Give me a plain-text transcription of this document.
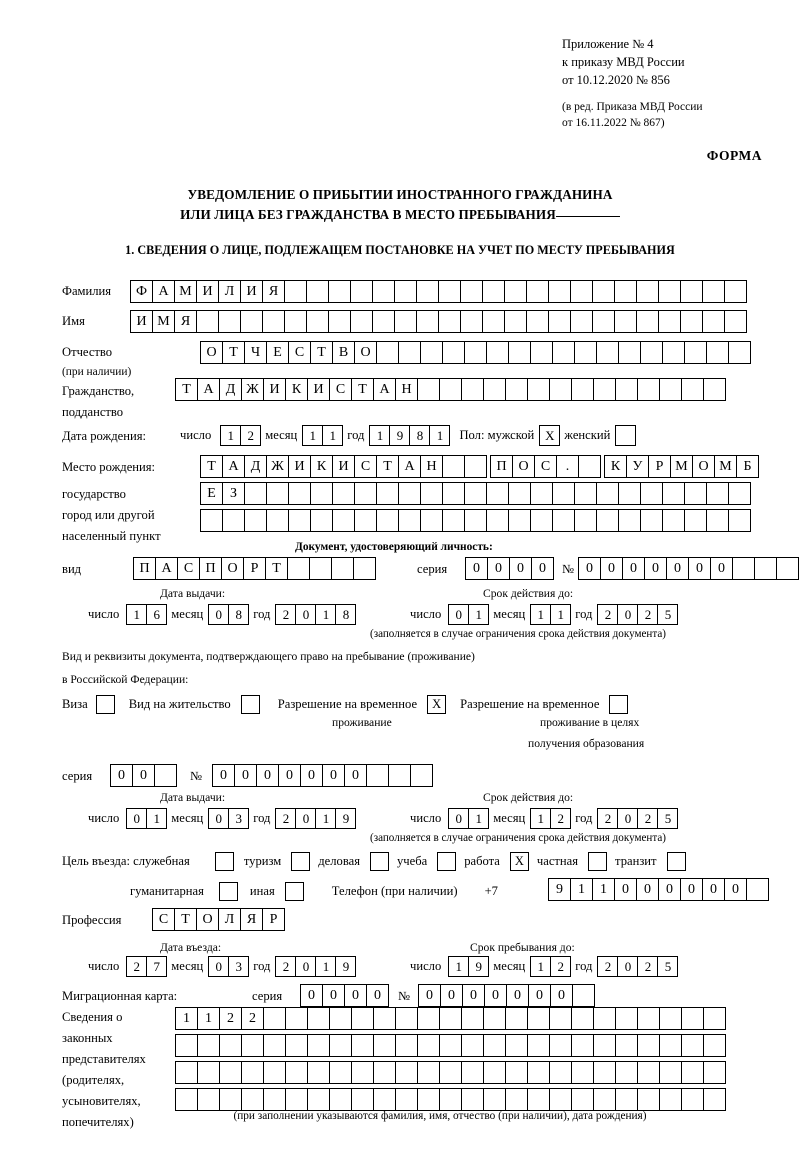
Приложение № 4
к приказу МВД России
от 10.12.2020 № 856
(в ред. Приказа МВД России
от 16.11.2022 № 867)
ФОРМА
УВЕДОМЛЕНИЕ О ПРИБЫТИИ ИНОСТРАННОГО ГРАЖДАНИНА
ИЛИ ЛИЦА БЕЗ ГРАЖДАНСТВА В МЕСТО ПРЕБЫВАНИЯ
1. СВЕДЕНИЯ О ЛИЦЕ, ПОДЛЕЖАЩЕМ ПОСТАНОВКЕ НА УЧЕТ ПО МЕСТУ ПРЕБЫВАНИЯ
Фамилия	Ф А М И Л И Я
Имя	И М Я
Отчество
(при наличии)
О Т Ч Е С Т В О
Гражданство,
подданство
Т А Д Ж И К И С Т А Н
Дата рождения:	число	1	2 месяц 1	1 год 1	9	8	1	Пол: мужской X женский
Место рождения:
государство
город или другой
населенный пункт
Т А Д Ж И К И С Т А Н	П О С	.	К У Р М О М Б
Е	З
Документ, удостоверяющий личность:
вид	П А С П О Р Т	серия	0	0	0	0	№ 0	0	0	0	0	0	0
Дата выдачи:	Срок действия до:
число	1	6 месяц 0	8 год 2	0	1	8	число	0	1 месяц 1	1 год 2	0	2	5
(заполняется в случае ограничения срока действия документа)
Вид и реквизиты документа, подтверждающего право на пребывание (проживание)
в Российской Федерации:
Виза	Вид на жительство	Разрешение на временное	X	Разрешение на временное
проживание	проживание в целях
получения образования
серия	0	0	№	0	0	0	0	0	0	0
Дата выдачи:	Срок действия до:
число	0	1 месяц 0	3 год 2	0	1	9	число	0	1 месяц 1	2 год 2	0	2	5
(заполняется в случае ограничения срока действия документа)
Цель въезда: служебная	туризм	деловая	учеба	работа	X	частная	транзит
гуманитарная	иная	Телефон (при наличии) +7	9	1	1	0	0	0	0	0	0
Профессия	С Т О Л Я Р
Дата въезда:	Срок пребывания до:
число	2	7 месяц 0	3 год 2	0	1	9	число	1	9 месяц 1	2 год 2	0	2	5
Миграционная карта:	серия	0	0	0	0	№	0	0	0	0	0	0	0
Сведения о
законных
представителях
(родителях,
усыновителях,
попечителях)
1	1	2	2
(при заполнении указываются фамилия, имя, отчество (при наличии), дата рождения)
